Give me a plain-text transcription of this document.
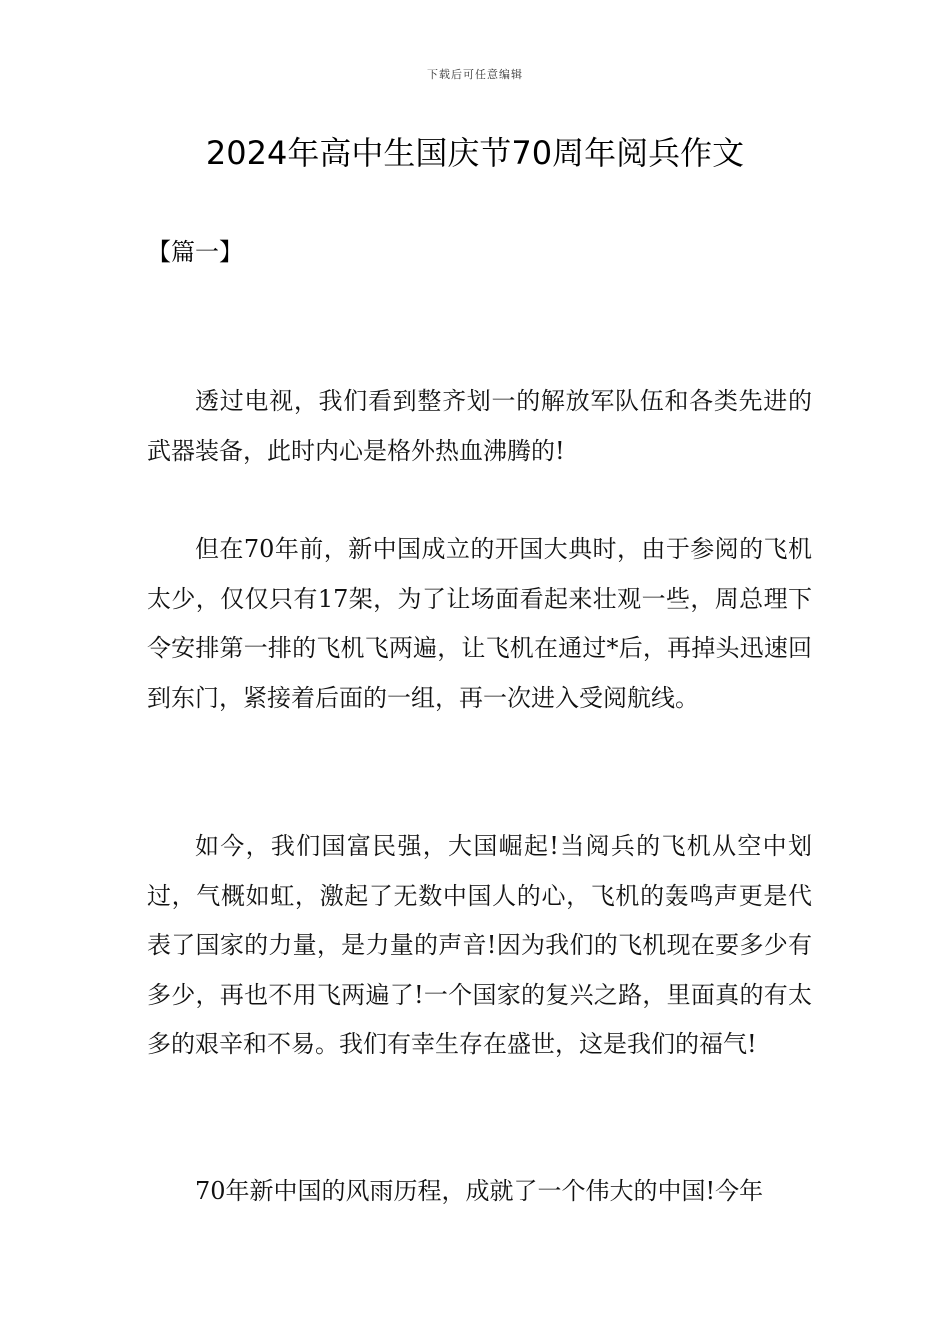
下载后可任意编辑
2024年高中生国庆节70周年阅兵作文
【篇一】

透过电视，我们看到整齐划一的解放军队伍和各类先进的武器装备，此时内心是格外热血沸腾的!

但在70年前，新中国成立的开国大典时，由于参阅的飞机太少，仅仅只有17架，为了让场面看起来壮观一些，周总理下令安排第一排的飞机飞两遍，让飞机在通过*后，再掉头迅速回到东门，紧接着后面的一组，再一次进入受阅航线。

如今，我们国富民强，大国崛起!当阅兵的飞机从空中划过，气概如虹，激起了无数中国人的心，飞机的轰鸣声更是代表了国家的力量，是力量的声音!因为我们的飞机现在要多少有多少，再也不用飞两遍了!一个国家的复兴之路，里面真的有太多的艰辛和不易。我们有幸生存在盛世，这是我们的福气!

70年新中国的风雨历程，成就了一个伟大的中国!今年
